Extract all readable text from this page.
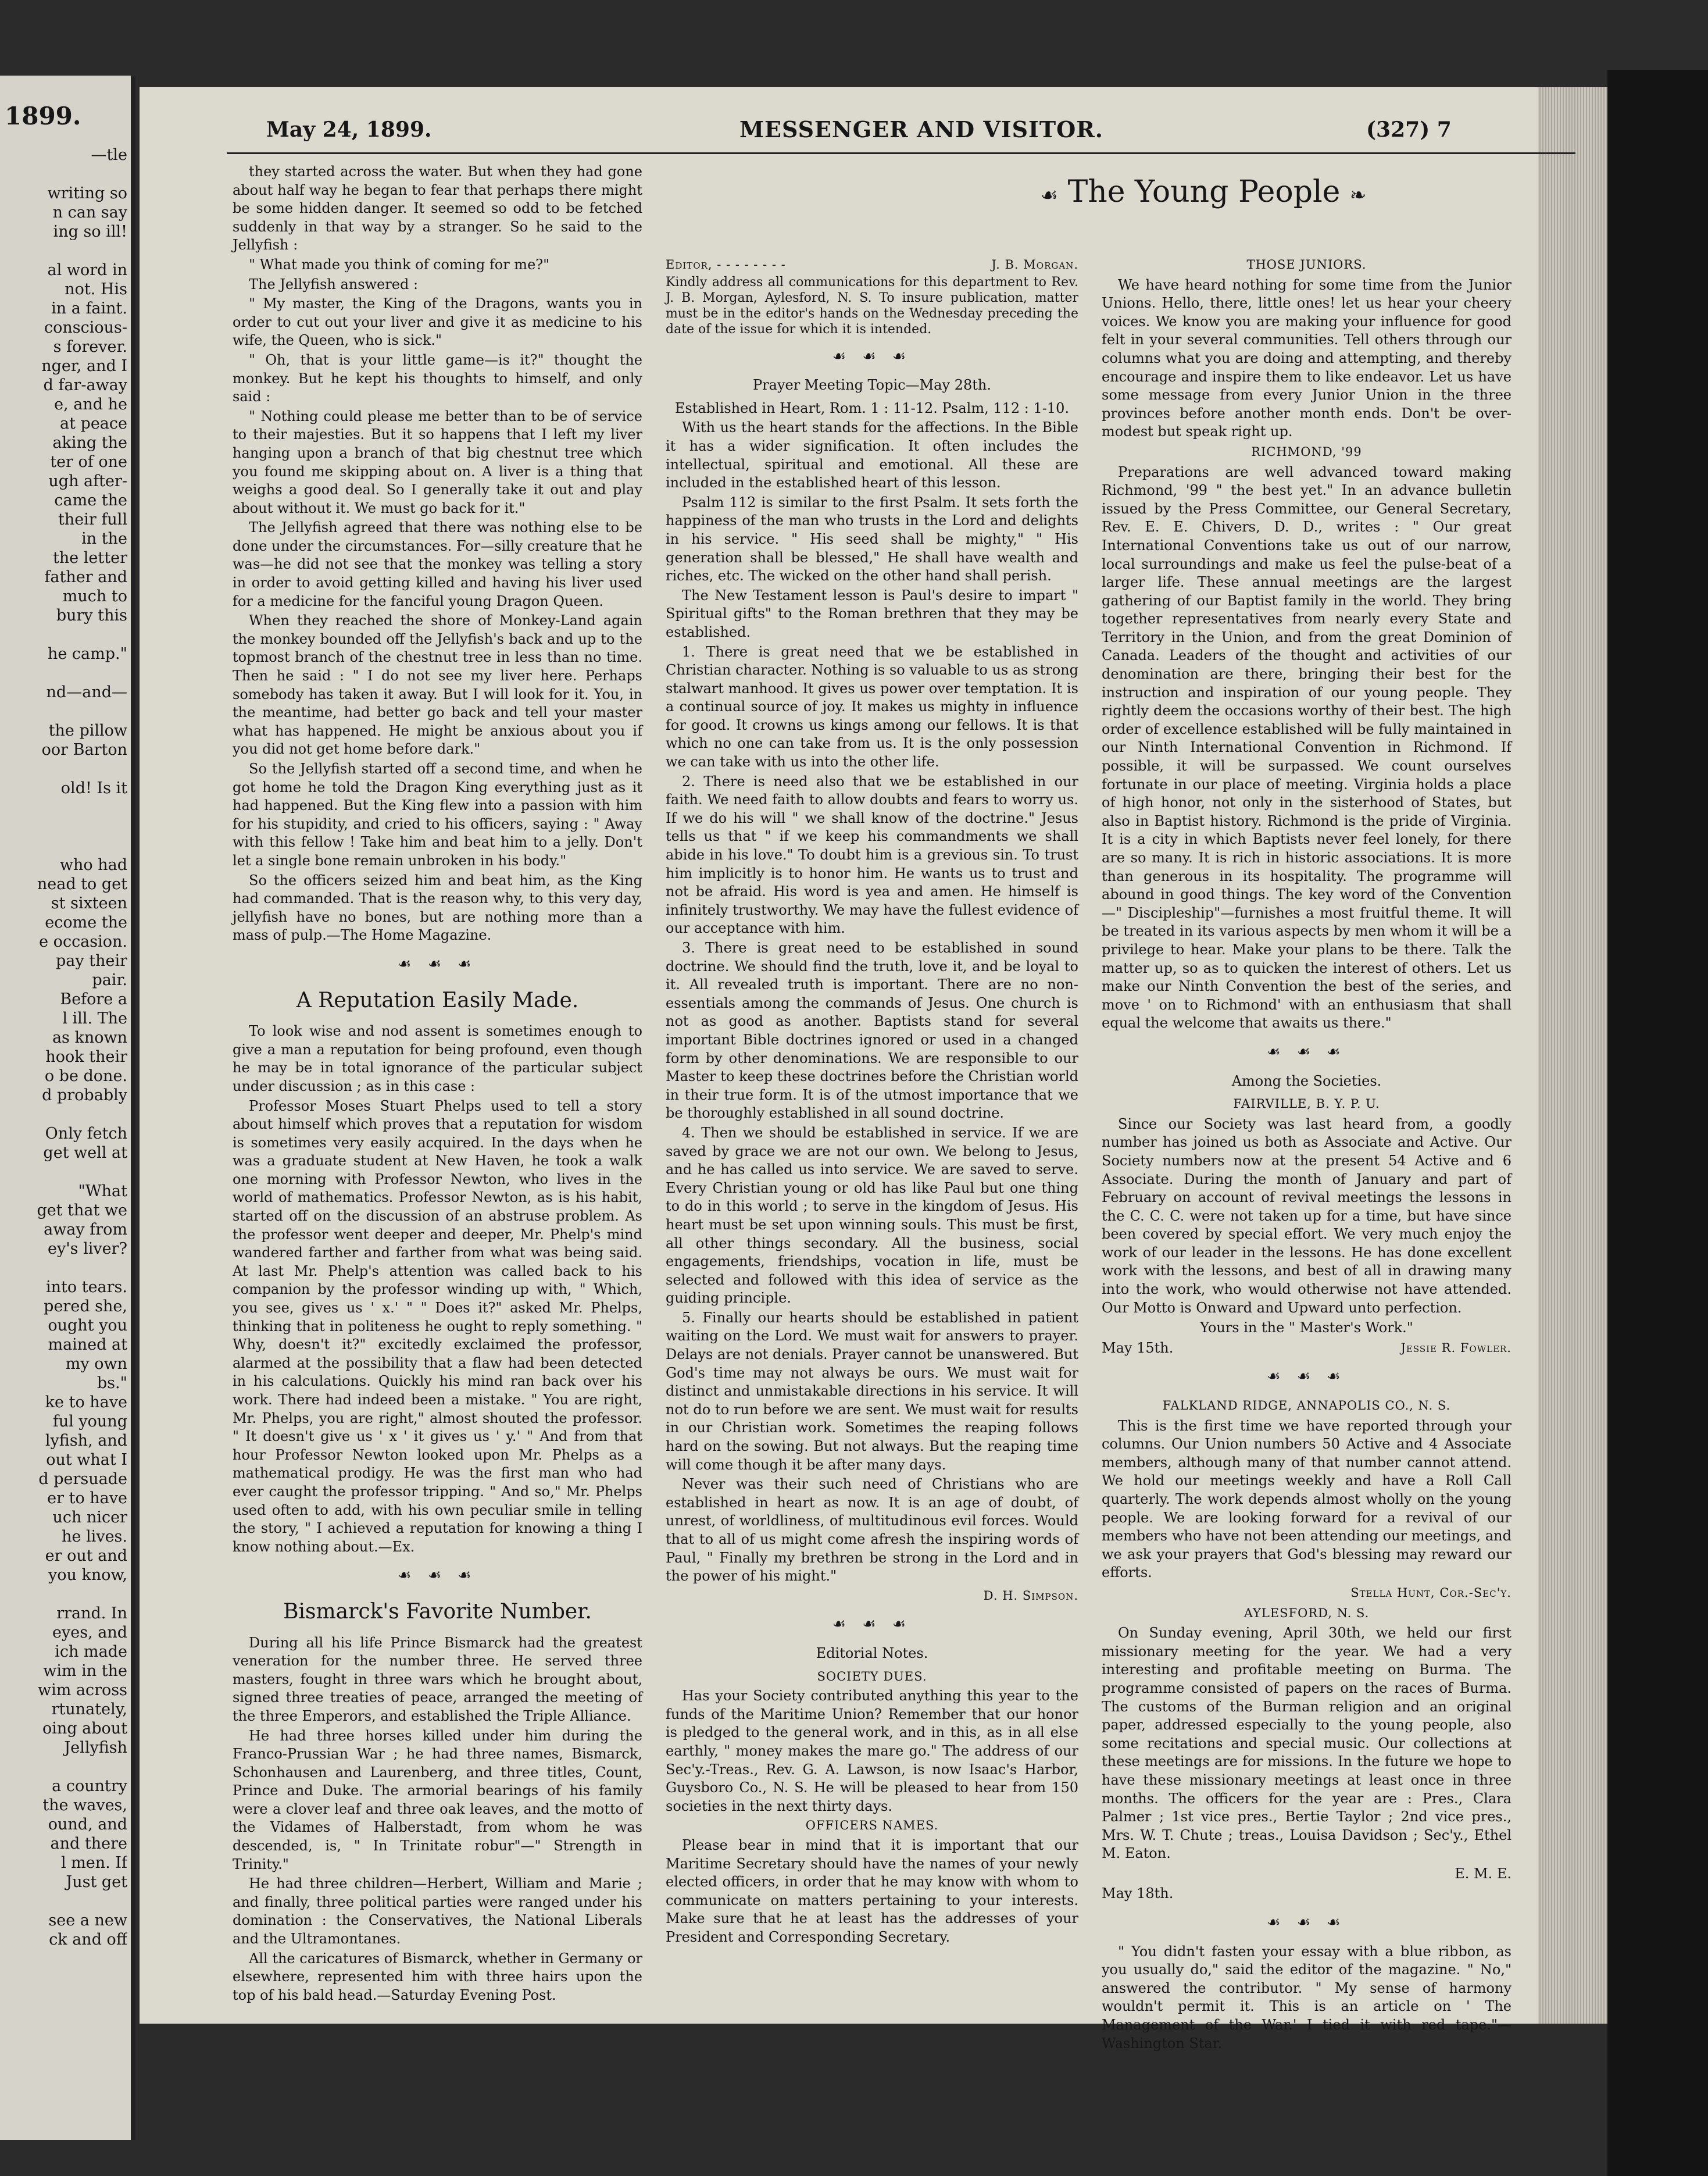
1899.
—tle

writing so
n can say
ing so ill!

al word in
not. His
in a faint.
conscious-
s forever.
nger, and I
d far-away
e, and he
at peace
aking the
ter of one
ugh after-
came the
their full
in the
the letter
father and
much to
bury this

he camp."

nd—and—

the pillow
oor Barton

old! Is it

who had
nead to get
st sixteen
ecome the
e occasion.
pay their
pair.
Before a
l ill. The
as known
hook their
o be done.
d probably

Only fetch
get well at

"What
get that we
away from
ey's liver?

into tears.
pered she,
ought you
mained at
my own
bs."
ke to have
ful young
lyfish, and
out what I
d persuade
er to have
uch nicer
he lives.
er out and
you know,

rrand. In
eyes, and
ich made
wim in the
wim across
rtunately,
oing about
Jellyfish

a country
the waves,
ound, and
and there
l men. If
Just get

see a new
ck and off
May 24, 1899.	MESSENGER AND VISITOR.	(327) 7
☙ The Young People ❧

they started across the water. But when they had gone about half way he began to fear that perhaps there might be some hidden danger. It seemed so odd to be fetched suddenly in that way by a stranger. So he said to the Jellyfish :

" What made you think of coming for me?"

The Jellyfish answered :

" My master, the King of the Dragons, wants you in order to cut out your liver and give it as medicine to his wife, the Queen, who is sick."

" Oh, that is your little game—is it?" thought the monkey. But he kept his thoughts to himself, and only said :

" Nothing could please me better than to be of service to their majesties. But it so happens that I left my liver hanging upon a branch of that big chestnut tree which you found me skipping about on. A liver is a thing that weighs a good deal. So I generally take it out and play about without it. We must go back for it."

The Jellyfish agreed that there was nothing else to be done under the circumstances. For—silly creature that he was—he did not see that the monkey was telling a story in order to avoid getting killed and having his liver used for a medicine for the fanciful young Dragon Queen.

When they reached the shore of Monkey-Land again the monkey bounded off the Jellyfish's back and up to the topmost branch of the chestnut tree in less than no time. Then he said : " I do not see my liver here. Perhaps somebody has taken it away. But I will look for it. You, in the meantime, had better go back and tell your master what has happened. He might be anxious about you if you did not get home before dark."

So the Jellyfish started off a second time, and when he got home he told the Dragon King everything just as it had happened. But the King flew into a passion with him for his stupidity, and cried to his officers, saying : " Away with this fellow ! Take him and beat him to a jelly. Don't let a single bone remain unbroken in his body."

So the officers seized him and beat him, as the King had commanded. That is the reason why, to this very day, jellyfish have no bones, but are nothing more than a mass of pulp.—The Home Magazine.

☙ ☙ ☙
A Reputation Easily Made.

To look wise and nod assent is sometimes enough to give a man a reputation for being profound, even though he may be in total ignorance of the particular subject under discussion ; as in this case :

Professor Moses Stuart Phelps used to tell a story about himself which proves that a reputation for wisdom is sometimes very easily acquired. In the days when he was a graduate student at New Haven, he took a walk one morning with Professor Newton, who lives in the world of mathematics. Professor Newton, as is his habit, started off on the discussion of an abstruse problem. As the professor went deeper and deeper, Mr. Phelp's mind wandered farther and farther from what was being said. At last Mr. Phelp's attention was called back to his companion by the professor winding up with, " Which, you see, gives us ' x.' " " Does it?" asked Mr. Phelps, thinking that in politeness he ought to reply something. " Why, doesn't it?" excitedly exclaimed the professor, alarmed at the possibility that a flaw had been detected in his calculations. Quickly his mind ran back over his work. There had indeed been a mistake. " You are right, Mr. Phelps, you are right," almost shouted the professor. " It doesn't give us ' x ' it gives us ' y.' " And from that hour Professor Newton looked upon Mr. Phelps as a mathematical prodigy. He was the first man who had ever caught the professor tripping. " And so," Mr. Phelps used often to add, with his own peculiar smile in telling the story, " I achieved a reputation for knowing a thing I know nothing about.—Ex.

☙ ☙ ☙
Bismarck's Favorite Number.

During all his life Prince Bismarck had the greatest veneration for the number three. He served three masters, fought in three wars which he brought about, signed three treaties of peace, arranged the meeting of the three Emperors, and established the Triple Alliance.

He had three horses killed under him during the Franco-Prussian War ; he had three names, Bismarck, Schonhausen and Laurenberg, and three titles, Count, Prince and Duke. The armorial bearings of his family were a clover leaf and three oak leaves, and the motto of the Vidames of Halberstadt, from whom he was descended, is, " In Trinitate robur"—" Strength in Trinity."

He had three children—Herbert, William and Marie ; and finally, three political parties were ranged under his domination : the Conservatives, the National Liberals and the Ultramontanes.

All the caricatures of Bismarck, whether in Germany or elsewhere, represented him with three hairs upon the top of his bald head.—Saturday Evening Post.

Editor, - - - - - - - -	J. B. Morgan.

Kindly address all communications for this department to Rev. J. B. Morgan, Aylesford, N. S. To insure publication, matter must be in the editor's hands on the Wednesday preceding the date of the issue for which it is intended.

☙ ☙ ☙
Prayer Meeting Topic—May 28th.

Established in Heart, Rom. 1 : 11-12. Psalm, 112 : 1-10.

With us the heart stands for the affections. In the Bible it has a wider signification. It often includes the intellectual, spiritual and emotional. All these are included in the established heart of this lesson.

Psalm 112 is similar to the first Psalm. It sets forth the happiness of the man who trusts in the Lord and delights in his service. " His seed shall be mighty," " His generation shall be blessed," He shall have wealth and riches, etc. The wicked on the other hand shall perish.

The New Testament lesson is Paul's desire to impart " Spiritual gifts" to the Roman brethren that they may be established.

1. There is great need that we be established in Christian character. Nothing is so valuable to us as strong stalwart manhood. It gives us power over temptation. It is a continual source of joy. It makes us mighty in influence for good. It crowns us kings among our fellows. It is that which no one can take from us. It is the only possession we can take with us into the other life.

2. There is need also that we be established in our faith. We need faith to allow doubts and fears to worry us. If we do his will " we shall know of the doctrine." Jesus tells us that " if we keep his commandments we shall abide in his love." To doubt him is a grevious sin. To trust him implicitly is to honor him. He wants us to trust and not be afraid. His word is yea and amen. He himself is infinitely trustworthy. We may have the fullest evidence of our acceptance with him.

3. There is great need to be established in sound doctrine. We should find the truth, love it, and be loyal to it. All revealed truth is important. There are no non-essentials among the commands of Jesus. One church is not as good as another. Baptists stand for several important Bible doctrines ignored or used in a changed form by other denominations. We are responsible to our Master to keep these doctrines before the Christian world in their true form. It is of the utmost importance that we be thoroughly established in all sound doctrine.

4. Then we should be established in service. If we are saved by grace we are not our own. We belong to Jesus, and he has called us into service. We are saved to serve. Every Christian young or old has like Paul but one thing to do in this world ; to serve in the kingdom of Jesus. His heart must be set upon winning souls. This must be first, all other things secondary. All the business, social engagements, friendships, vocation in life, must be selected and followed with this idea of service as the guiding principle.

5. Finally our hearts should be established in patient waiting on the Lord. We must wait for answers to prayer. Delays are not denials. Prayer cannot be unanswered. But God's time may not always be ours. We must wait for distinct and unmistakable directions in his service. It will not do to run before we are sent. We must wait for results in our Christian work. Sometimes the reaping follows hard on the sowing. But not always. But the reaping time will come though it be after many days.

Never was their such need of Christians who are established in heart as now. It is an age of doubt, of unrest, of worldliness, of multitudinous evil forces. Would that to all of us might come afresh the inspiring words of Paul, " Finally my brethren be strong in the Lord and in the power of his might."

D. H. Simpson.

☙ ☙ ☙
Editorial Notes.

SOCIETY DUES.

Has your Society contributed anything this year to the funds of the Maritime Union? Remember that our honor is pledged to the general work, and in this, as in all else earthly, " money makes the mare go." The address of our Sec'y.-Treas., Rev. G. A. Lawson, is now Isaac's Harbor, Guysboro Co., N. S. He will be pleased to hear from 150 societies in the next thirty days.

OFFICERS NAMES.

Please bear in mind that it is important that our Maritime Secretary should have the names of your newly elected officers, in order that he may know with whom to communicate on matters pertaining to your interests. Make sure that he at least has the addresses of your President and Corresponding Secretary.

THOSE JUNIORS.

We have heard nothing for some time from the Junior Unions. Hello, there, little ones! let us hear your cheery voices. We know you are making your influence for good felt in your several communities. Tell others through our columns what you are doing and attempting, and thereby encourage and inspire them to like endeavor. Let us have some message from every Junior Union in the three provinces before another month ends. Don't be over-modest but speak right up.

RICHMOND, '99

Preparations are well advanced toward making Richmond, '99 " the best yet." In an advance bulletin issued by the Press Committee, our General Secretary, Rev. E. E. Chivers, D. D., writes : " Our great International Conventions take us out of our narrow, local surroundings and make us feel the pulse-beat of a larger life. These annual meetings are the largest gathering of our Baptist family in the world. They bring together representatives from nearly every State and Territory in the Union, and from the great Dominion of Canada. Leaders of the thought and activities of our denomination are there, bringing their best for the instruction and inspiration of our young people. They rightly deem the occasions worthy of their best. The high order of excellence established will be fully maintained in our Ninth International Convention in Richmond. If possible, it will be surpassed. We count ourselves fortunate in our place of meeting. Virginia holds a place of high honor, not only in the sisterhood of States, but also in Baptist history. Richmond is the pride of Virginia. It is a city in which Baptists never feel lonely, for there are so many. It is rich in historic associations. It is more than generous in its hospitality. The programme will abound in good things. The key word of the Convention—" Discipleship"—furnishes a most fruitful theme. It will be treated in its various aspects by men whom it will be a privilege to hear. Make your plans to be there. Talk the matter up, so as to quicken the interest of others. Let us make our Ninth Convention the best of the series, and move ' on to Richmond' with an enthusiasm that shall equal the welcome that awaits us there."

☙ ☙ ☙
Among the Societies.

FAIRVILLE, B. Y. P. U.

Since our Society was last heard from, a goodly number has joined us both as Associate and Active. Our Society numbers now at the present 54 Active and 6 Associate. During the month of January and part of February on account of revival meetings the lessons in the C. C. C. were not taken up for a time, but have since been covered by special effort. We very much enjoy the work of our leader in the lessons. He has done excellent work with the lessons, and best of all in drawing many into the work, who would otherwise not have attended. Our Motto is Onward and Upward unto perfection.

Yours in the " Master's Work."

May 15th.	Jessie R. Fowler.
☙ ☙ ☙

FALKLAND RIDGE, ANNAPOLIS CO., N. S.

This is the first time we have reported through your columns. Our Union numbers 50 Active and 4 Associate members, although many of that number cannot attend. We hold our meetings weekly and have a Roll Call quarterly. The work depends almost wholly on the young people. We are looking forward for a revival of our members who have not been attending our meetings, and we ask your prayers that God's blessing may reward our efforts.

Stella Hunt, Cor.-Sec'y.

AYLESFORD, N. S.

On Sunday evening, April 30th, we held our first missionary meeting for the year. We had a very interesting and profitable meeting on Burma. The programme consisted of papers on the races of Burma. The customs of the Burman religion and an original paper, addressed especially to the young people, also some recitations and special music. Our collections at these meetings are for missions. In the future we hope to have these missionary meetings at least once in three months. The officers for the year are : Pres., Clara Palmer ; 1st vice pres., Bertie Taylor ; 2nd vice pres., Mrs. W. T. Chute ; treas., Louisa Davidson ; Sec'y., Ethel M. Eaton.

E. M. E.

May 18th.

☙ ☙ ☙

" You didn't fasten your essay with a blue ribbon, as you usually do," said the editor of the magazine. " No," answered the contributor. " My sense of harmony wouldn't permit it. This is an article on ' The Management of the War.' I tied it with red tape."—Washington Star.
